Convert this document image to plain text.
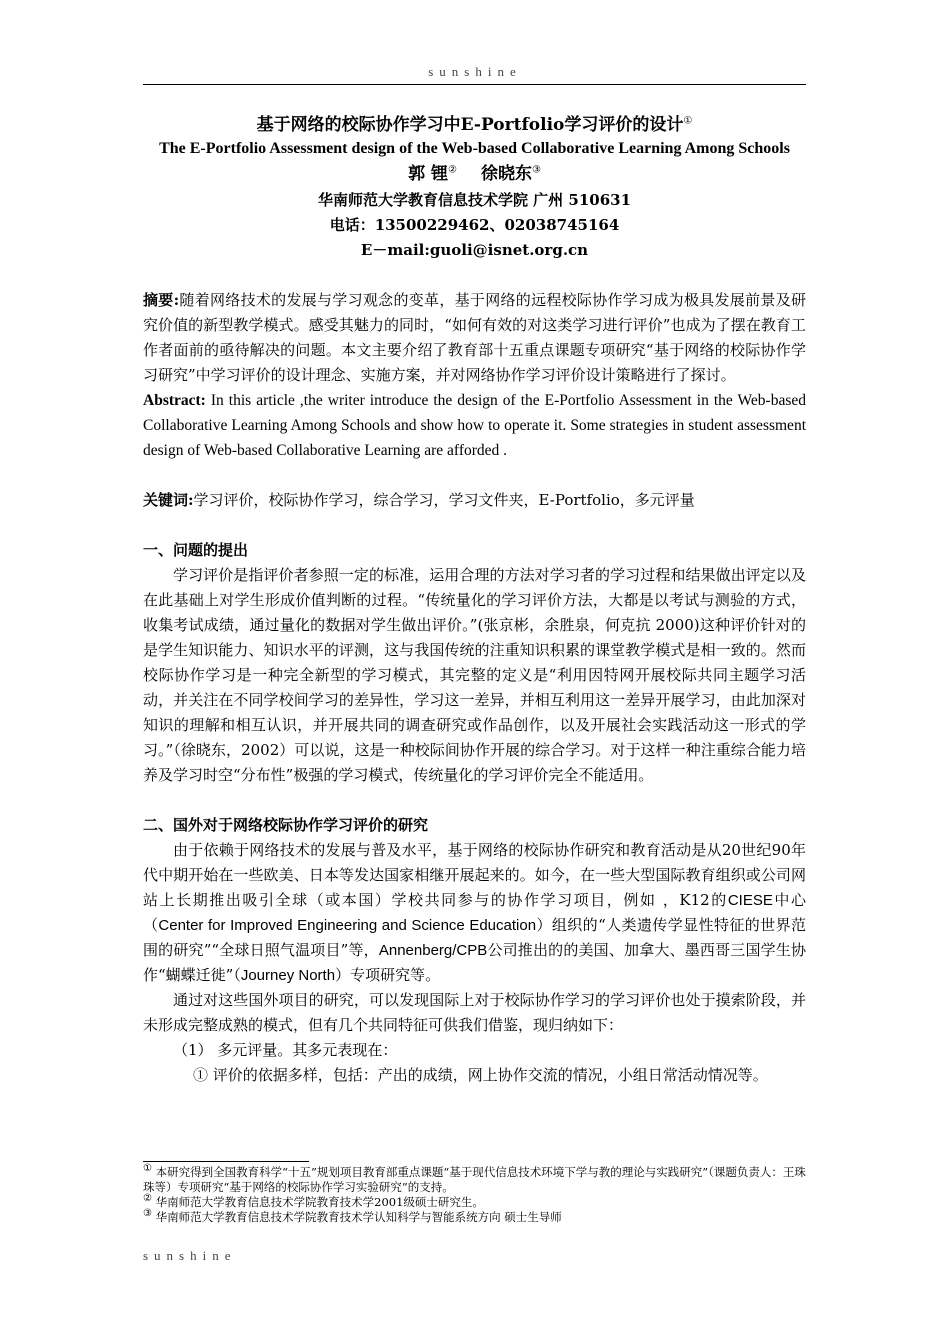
sunshine
基于网络的校际协作学习中E-Portfolio学习评价的设计①
The E-Portfolio Assessment design of the Web-based Collaborative Learning Among Schools
郭 锂② 徐晓东③
华南师范大学教育信息技术学院 广州 510631
电话：13500229462、02038745164
E－mail:guoli@isnet.org.cn

摘要:随着网络技术的发展与学习观念的变革，基于网络的远程校际协作学习成为极具发展前景及研究价值的新型教学模式。感受其魅力的同时，“如何有效的对这类学习进行评价”也成为了摆在教育工作者面前的亟待解决的问题。本文主要介绍了教育部十五重点课题专项研究“基于网络的校际协作学习研究”中学习评价的设计理念、实施方案，并对网络协作学习评价设计策略进行了探讨。

Abstract: In this article ,the writer introduce the design of the E-Portfolio Assessment in the Web-based Collaborative Learning Among Schools and show how to operate it. Some strategies in student assessment design of Web-based Collaborative Learning are afforded .

关键词:学习评价，校际协作学习，综合学习，学习文件夹，E-Portfolio，多元评量

一、问题的提出

学习评价是指评价者参照一定的标准，运用合理的方法对学习者的学习过程和结果做出评定以及在此基础上对学生形成价值判断的过程。“传统量化的学习评价方法，大都是以考试与测验的方式，收集考试成绩，通过量化的数据对学生做出评价。”(张京彬，余胜泉，何克抗 2000)这种评价针对的是学生知识能力、知识水平的评测，这与我国传统的注重知识积累的课堂教学模式是相一致的。然而校际协作学习是一种完全新型的学习模式，其完整的定义是“利用因特网开展校际共同主题学习活动，并关注在不同学校间学习的差异性，学习这一差异，并相互利用这一差异开展学习，由此加深对知识的理解和相互认识，并开展共同的调查研究或作品创作，以及开展社会实践活动这一形式的学习。”（徐晓东，2002）可以说，这是一种校际间协作开展的综合学习。对于这样一种注重综合能力培养及学习时空“分布性”极强的学习模式，传统量化的学习评价完全不能适用。

二、国外对于网络校际协作学习评价的研究

由于依赖于网络技术的发展与普及水平，基于网络的校际协作研究和教育活动是从20世纪90年代中期开始在一些欧美、日本等发达国家相继开展起来的。如今，在一些大型国际教育组织或公司网站上长期推出吸引全球（或本国）学校共同参与的协作学习项目，例如 ，K12的CIESE中心（Center for Improved Engineering and Science Education）组织的“人类遗传学显性特征的世界范围的研究”“全球日照气温项目”等，Annenberg/CPB公司推出的的美国、加拿大、墨西哥三国学生协作“蝴蝶迁徙”（Journey North）专项研究等。

通过对这些国外项目的研究，可以发现国际上对于校际协作学习的学习评价也处于摸索阶段，并未形成完整成熟的模式，但有几个共同特征可供我们借鉴，现归纳如下：

（1） 多元评量。其多元表现在：

① 评价的依据多样，包括：产出的成绩，网上协作交流的情况，小组日常活动情况等。

① 本研究得到全国教育科学“十五”规划项目教育部重点课题“基于现代信息技术环境下学与教的理论与实践研究”（课题负责人：王珠珠等）专项研究“基于网络的校际协作学习实验研究”的支持。
② 华南师范大学教育信息技术学院教育技术学2001级硕士研究生。
③ 华南师范大学教育信息技术学院教育技术学认知科学与智能系统方向 硕士生导师
sunshine
